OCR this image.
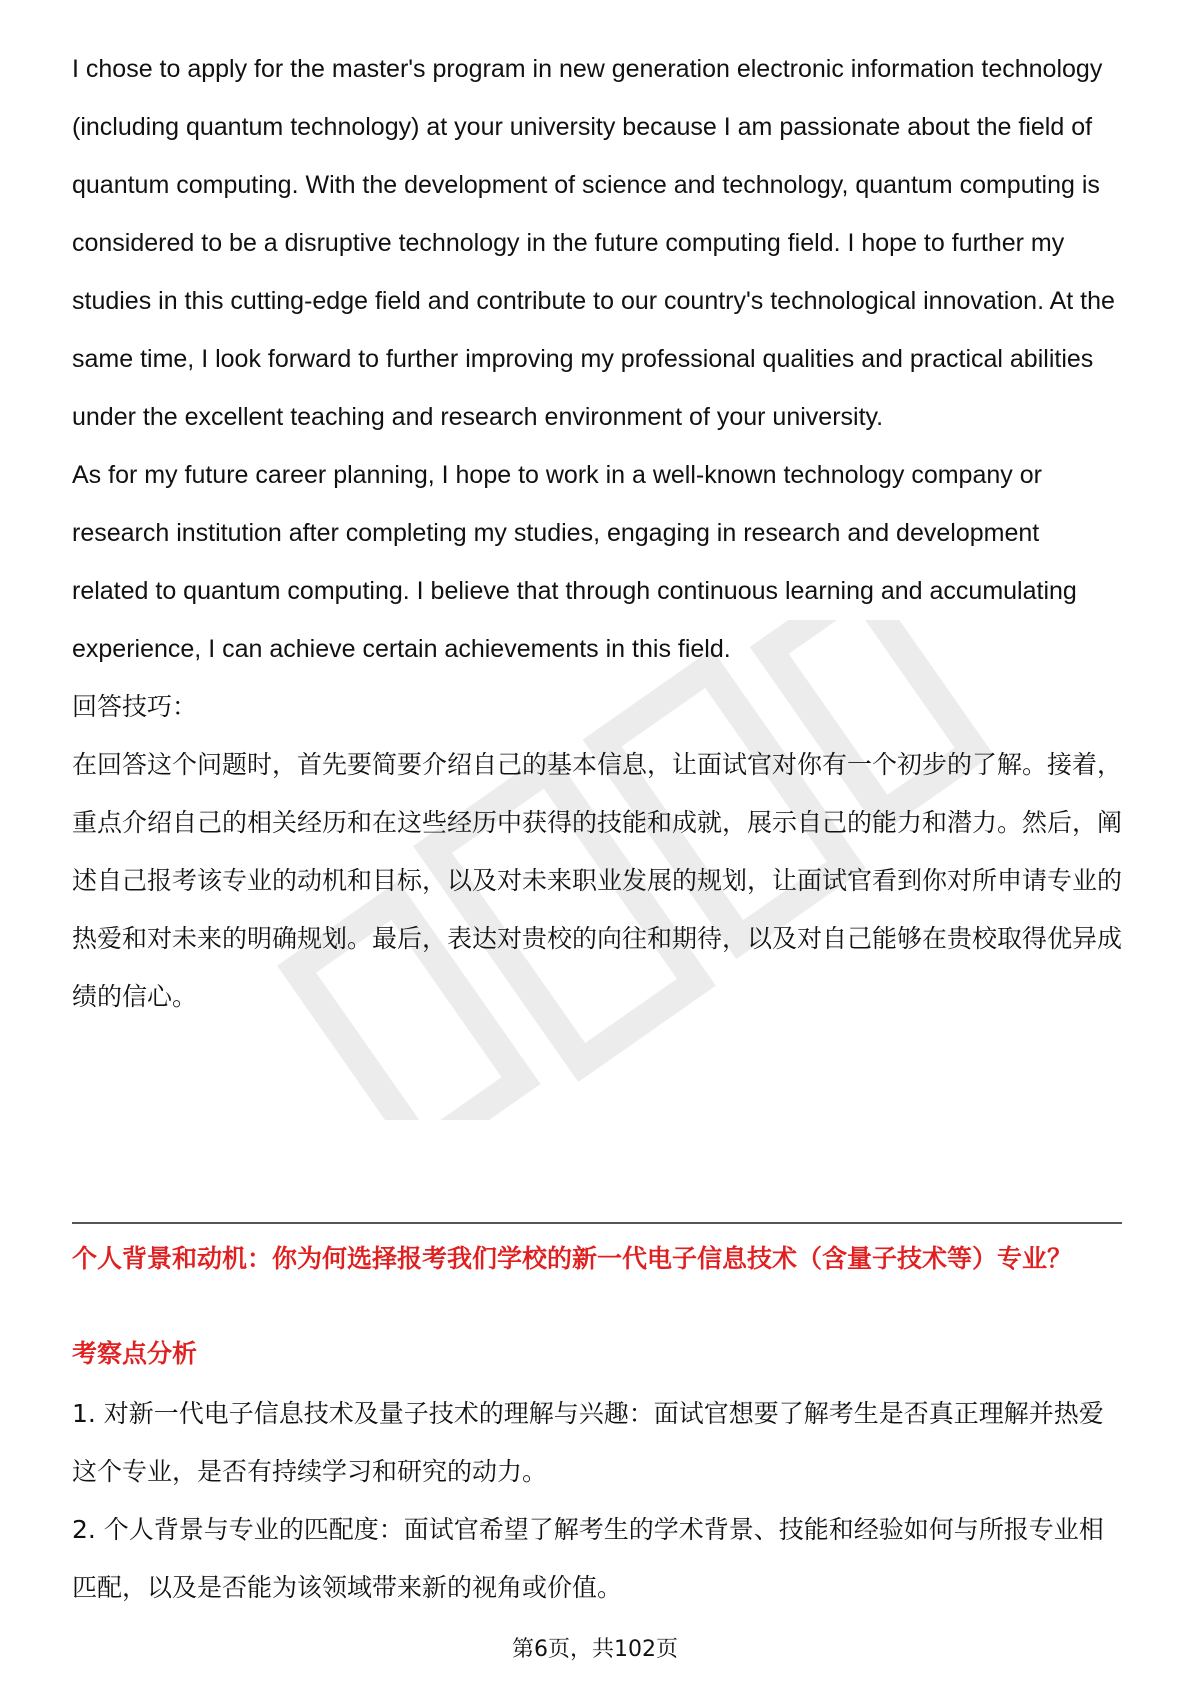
I chose to apply for the master's program in new generation electronic information technology (including quantum technology) at your university because I am passionate about the field of quantum computing. With the development of science and technology, quantum computing is considered to be a disruptive technology in the future computing field. I hope to further my studies in this cutting-edge field and contribute to our country's technological innovation. At the same time, I look forward to further improving my professional qualities and practical abilities under the excellent teaching and research environment of your university.

As for my future career planning, I hope to work in a well-known technology company or research institution after completing my studies, engaging in research and development related to quantum computing. I believe that through continuous learning and accumulating experience, I can achieve certain achievements in this field.

回答技巧：

在回答这个问题时，首先要简要介绍自己的基本信息，让面试官对你有一个初步的了解。接着，重点介绍自己的相关经历和在这些经历中获得的技能和成就，展示自己的能力和潜力。然后，阐述自己报考该专业的动机和目标，以及对未来职业发展的规划，让面试官看到你对所申请专业的热爱和对未来的明确规划。最后，表达对贵校的向往和期待，以及对自己能够在贵校取得优异成绩的信心。

个人背景和动机：你为何选择报考我们学校的新一代电子信息技术（含量子技术等）专业？

考察点分析

1. 对新一代电子信息技术及量子技术的理解与兴趣：面试官想要了解考生是否真正理解并热爱这个专业，是否有持续学习和研究的动力。

2. 个人背景与专业的匹配度：面试官希望了解考生的学术背景、技能和经验如何与所报专业相匹配，以及是否能为该领域带来新的视角或价值。

第6页，共102页
